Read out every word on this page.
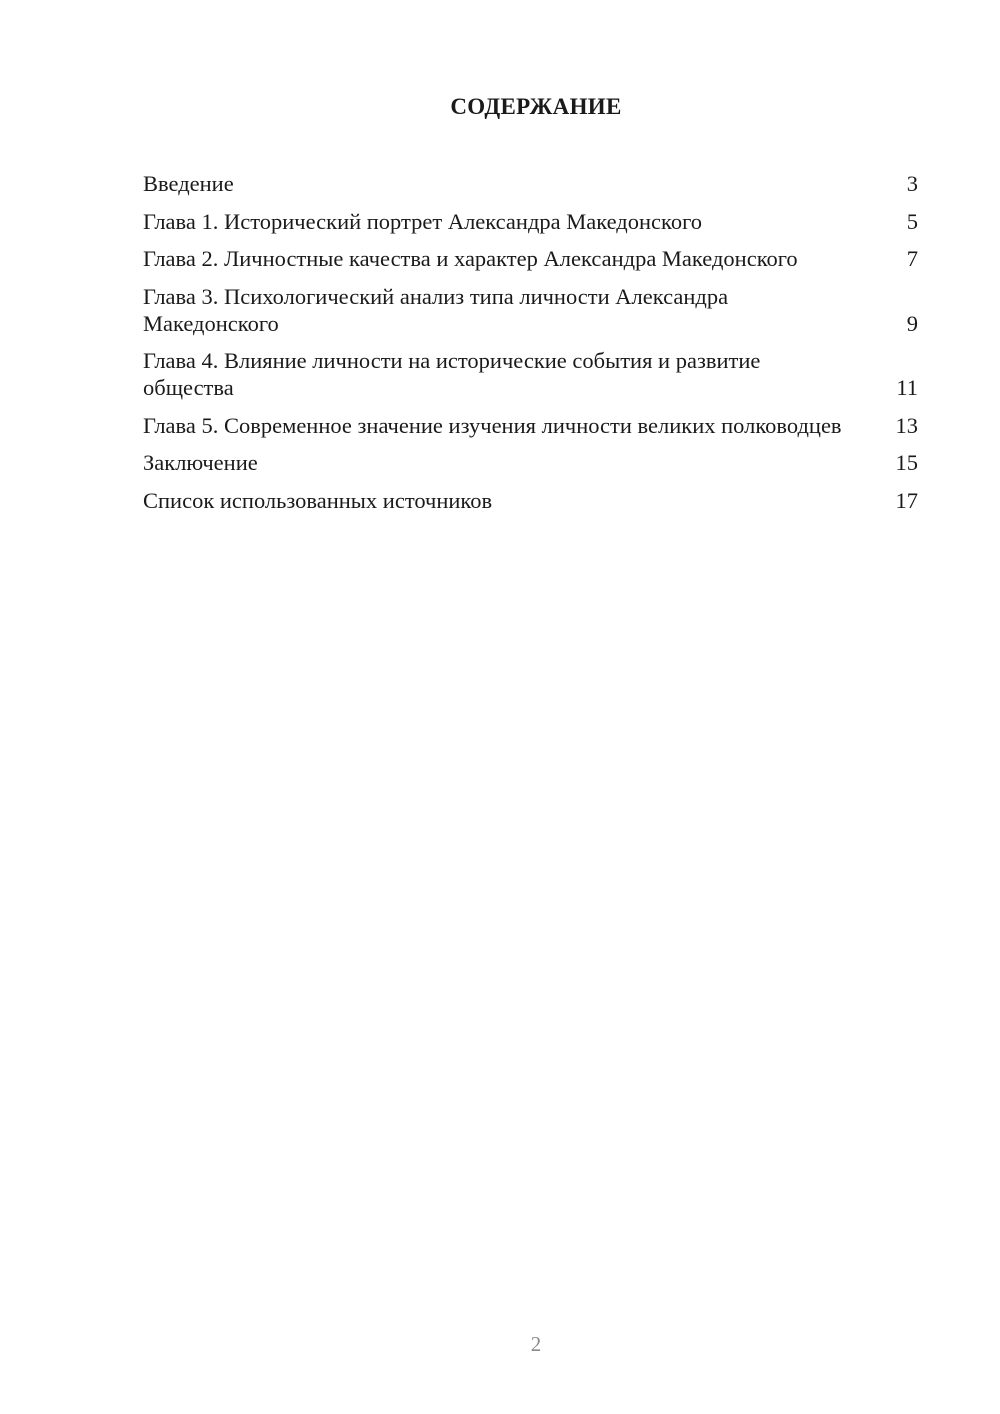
СОДЕРЖАНИЕ
Введение	3
Глава 1. Исторический портрет Александра Македонского	5
Глава 2. Личностные качества и характер Александра Македонского	7
Глава 3. Психологический анализ типа личности Александра Македонского	9
Глава 4. Влияние личности на исторические события и развитие общества	11
Глава 5. Современное значение изучения личности великих полководцев	13
Заключение	15
Список использованных источников	17
2
